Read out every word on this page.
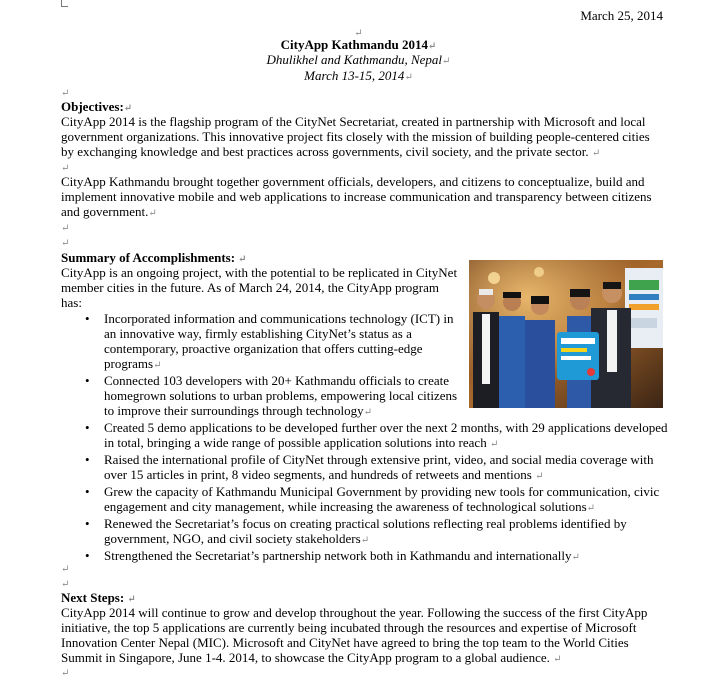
March 25, 2014
↵
CityApp Kathmandu 2014↵
Dhulikhel and Kathmandu, Nepal↵
March 13-15, 2014↵
↵
Objectives:↵
CityApp 2014 is the flagship program of the CityNet Secretariat, created in partnership with Microsoft and local government organizations. This innovative project fits closely with the mission of building people-centered cities by exchanging knowledge and best practices across governments, civil society, and the private sector. ↵
↵
CityApp Kathmandu brought together government officials, developers, and citizens to conceptualize, build and implement innovative mobile and web applications to increase communication and transparency between citizens and government.↵
↵
↵
Summary of Accomplishments: ↵
CityApp is an ongoing project, with the potential to be replicated in CityNet member cities in the future. As of March 24, 2014, the CityApp program has:
• Incorporated information and communications technology (ICT) in an innovative way, firmly establishing CityNet’s status as a contemporary, proactive organization that offers cutting-edge programs↵
• Connected 103 developers with 20+ Kathmandu officials to create homegrown solutions to urban problems, empowering local citizens to improve their surroundings through technology↵
• Created 5 demo applications to be developed further over the next 2 months, with 29 applications developed in total, bringing a wide range of possible application solutions into reach ↵
• Raised the international profile of CityNet through extensive print, video, and social media coverage with over 15 articles in print, 8 video segments, and hundreds of retweets and mentions ↵
• Grew the capacity of Kathmandu Municipal Government by providing new tools for communication, civic engagement and city management, while increasing the awareness of technological solutions↵
• Renewed the Secretariat’s focus on creating practical solutions reflecting real problems identified by government, NGO, and civil society stakeholders↵
• Strengthened the Secretariat’s partnership network both in Kathmandu and internationally↵
↵
↵
Next Steps: ↵
CityApp 2014 will continue to grow and develop throughout the year. Following the success of the first CityApp initiative, the top 5 applications are currently being incubated through the resources and expertise of Microsoft Innovation Center Nepal (MIC). Microsoft and CityNet have agreed to bring the top team to the World Cities Summit in Singapore, June 1-4. 2014, to showcase the CityApp program to a global audience. ↵
↵
